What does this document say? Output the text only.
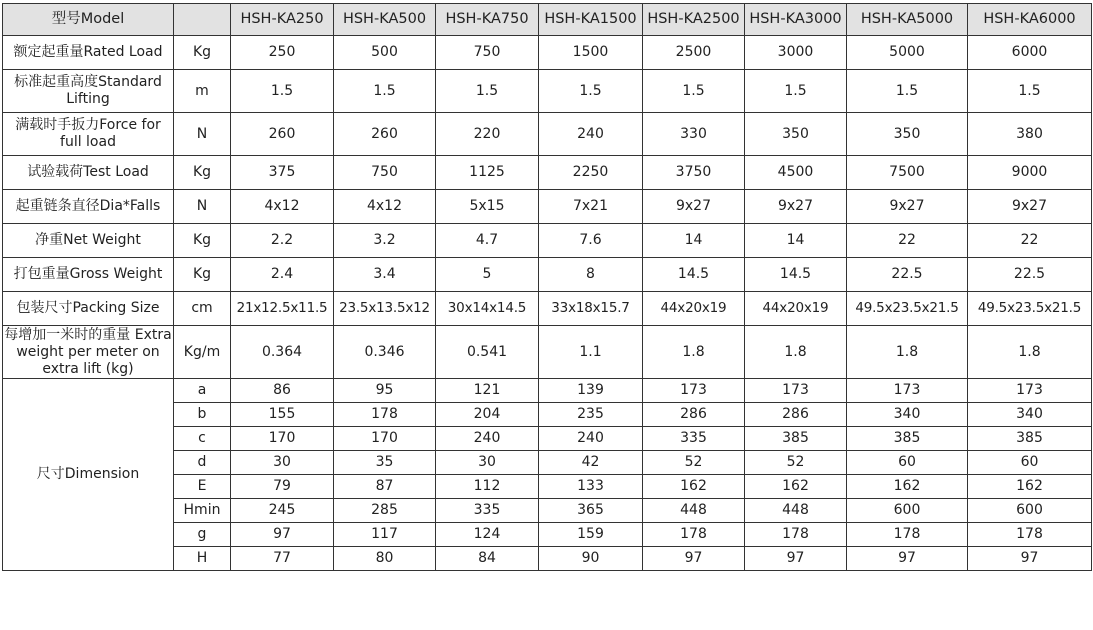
型号Model		HSH-KA250	HSH-KA500	HSH-KA750	HSH-KA1500	HSH-KA2500	HSH-KA3000	HSH-KA5000	HSH-KA6000
额定起重量Rated Load	Kg	250	500	750	1500	2500	3000	5000	6000
标准起重高度Standard Lifting	m	1.5	1.5	1.5	1.5	1.5	1.5	1.5	1.5
满载时手扳力Force for full load	N	260	260	220	240	330	350	350	380
试验载荷Test Load	Kg	375	750	1125	2250	3750	4500	7500	9000
起重链条直径Dia*Falls	N	4x12	4x12	5x15	7x21	9x27	9x27	9x27	9x27
净重Net Weight	Kg	2.2	3.2	4.7	7.6	14	14	22	22
打包重量Gross Weight	Kg	2.4	3.4	5	8	14.5	14.5	22.5	22.5
包装尺寸Packing Size	cm	21x12.5x11.5	23.5x13.5x12	30x14x14.5	33x18x15.7	44x20x19	44x20x19	49.5x23.5x21.5	49.5x23.5x21.5
每增加一米时的重量 Extra weight per meter on extra lift (kg)	Kg/m	0.364	0.346	0.541	1.1	1.8	1.8	1.8	1.8
尺寸Dimension	a	86	95	121	139	173	173	173	173
	b	155	178	204	235	286	286	340	340
	c	170	170	240	240	335	385	385	385
	d	30	35	30	42	52	52	60	60
	E	79	87	112	133	162	162	162	162
	Hmin	245	285	335	365	448	448	600	600
	g	97	117	124	159	178	178	178	178
	H	77	80	84	90	97	97	97	97
